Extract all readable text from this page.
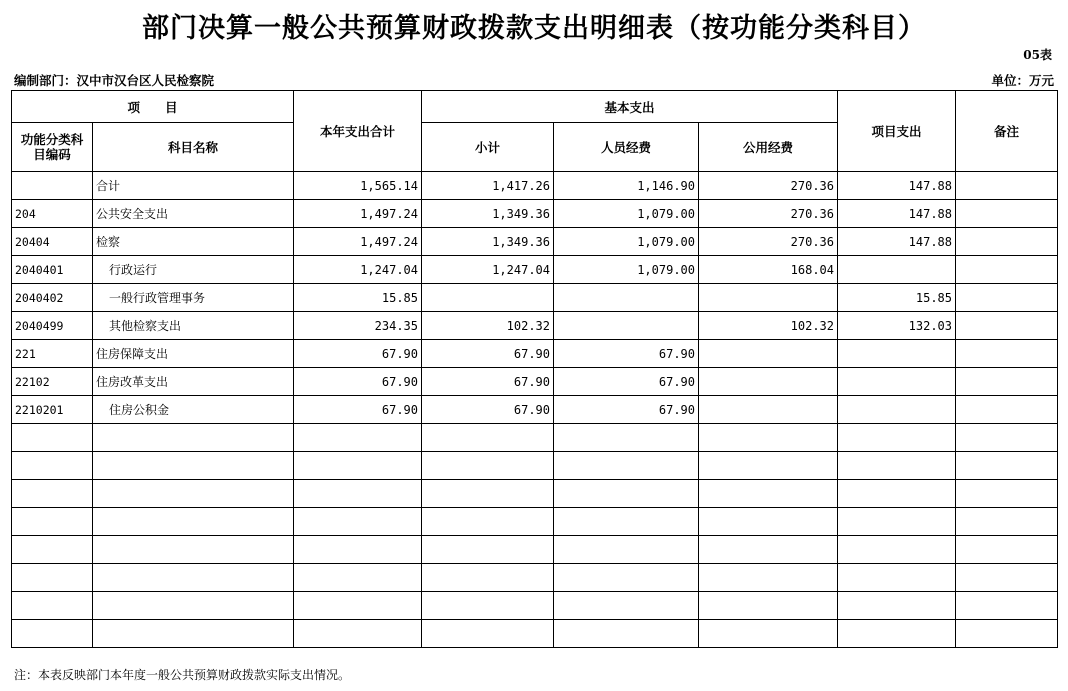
部门决算一般公共预算财政拨款支出明细表（按功能分类科目）
05表
编制部门：汉中市汉台区人民检察院	单位：万元
项　　目		本年支出合计	基本支出			项目支出	备注
功能分类科目编码	科目名称		小计	人员经费	公用经费		
	合计	1,565.14	1,417.26	1,146.90	270.36	147.88	
204	公共安全支出	1,497.24	1,349.36	1,079.00	270.36	147.88	
20404	检察	1,497.24	1,349.36	1,079.00	270.36	147.88	
2040401	行政运行	1,247.04	1,247.04	1,079.00	168.04		
2040402	一般行政管理事务	15.85				15.85	
2040499	其他检察支出	234.35	102.32		102.32	132.03	
221	住房保障支出	67.90	67.90	67.90			
22102	住房改革支出	67.90	67.90	67.90			
2210201	住房公积金	67.90	67.90	67.90			

注：本表反映部门本年度一般公共预算财政拨款实际支出情况。
